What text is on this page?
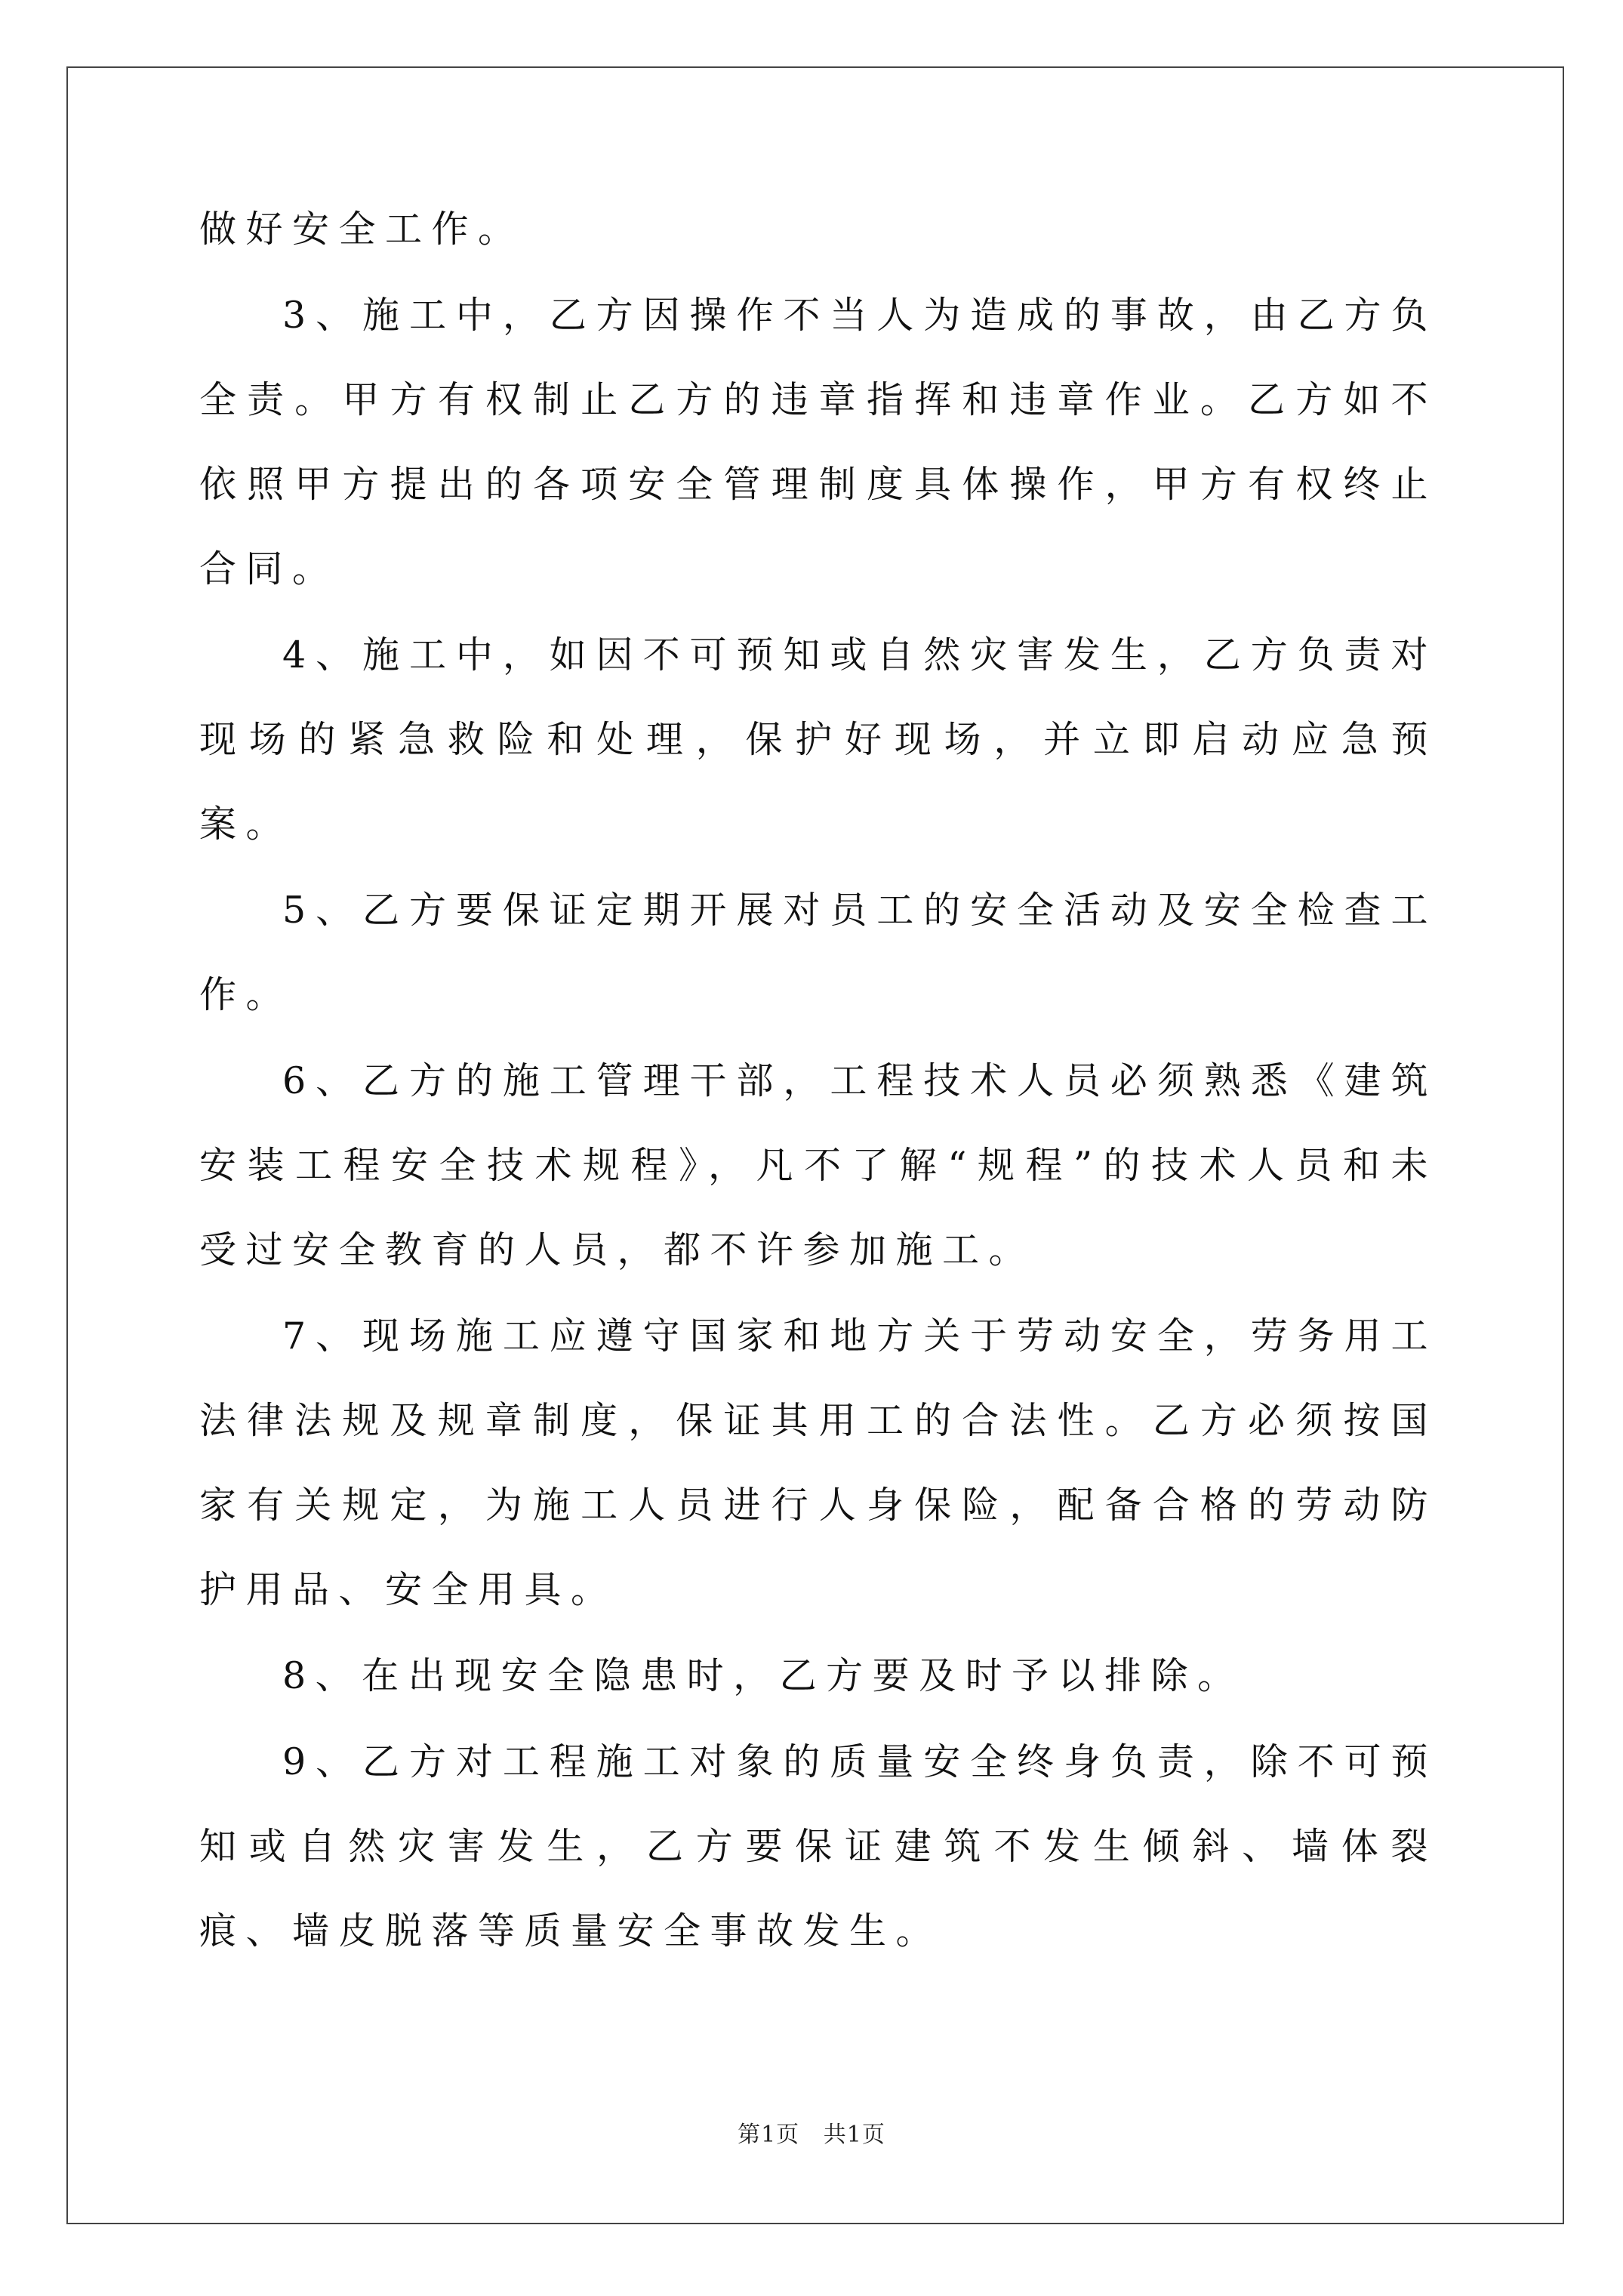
做好安全工作。

3、施工中，乙方因操作不当人为造成的事故，由乙方负全责。甲方有权制止乙方的违章指挥和违章作业。乙方如不依照甲方提出的各项安全管理制度具体操作，甲方有权终止合同。

4、施工中，如因不可预知或自然灾害发生，乙方负责对现场的紧急救险和处理，保护好现场，并立即启动应急预案。

5、乙方要保证定期开展对员工的安全活动及安全检查工作。

6、乙方的施工管理干部，工程技术人员必须熟悉《建筑安装工程安全技术规程》，凡不了解“规程”的技术人员和未受过安全教育的人员，都不许参加施工。

7、现场施工应遵守国家和地方关于劳动安全，劳务用工法律法规及规章制度，保证其用工的合法性。乙方必须按国家有关规定，为施工人员进行人身保险，配备合格的劳动防护用品、安全用具。

8、在出现安全隐患时，乙方要及时予以排除。

9、乙方对工程施工对象的质量安全终身负责，除不可预知或自然灾害发生，乙方要保证建筑不发生倾斜、墙体裂痕、墙皮脱落等质量安全事故发生。

第1页   共1页
